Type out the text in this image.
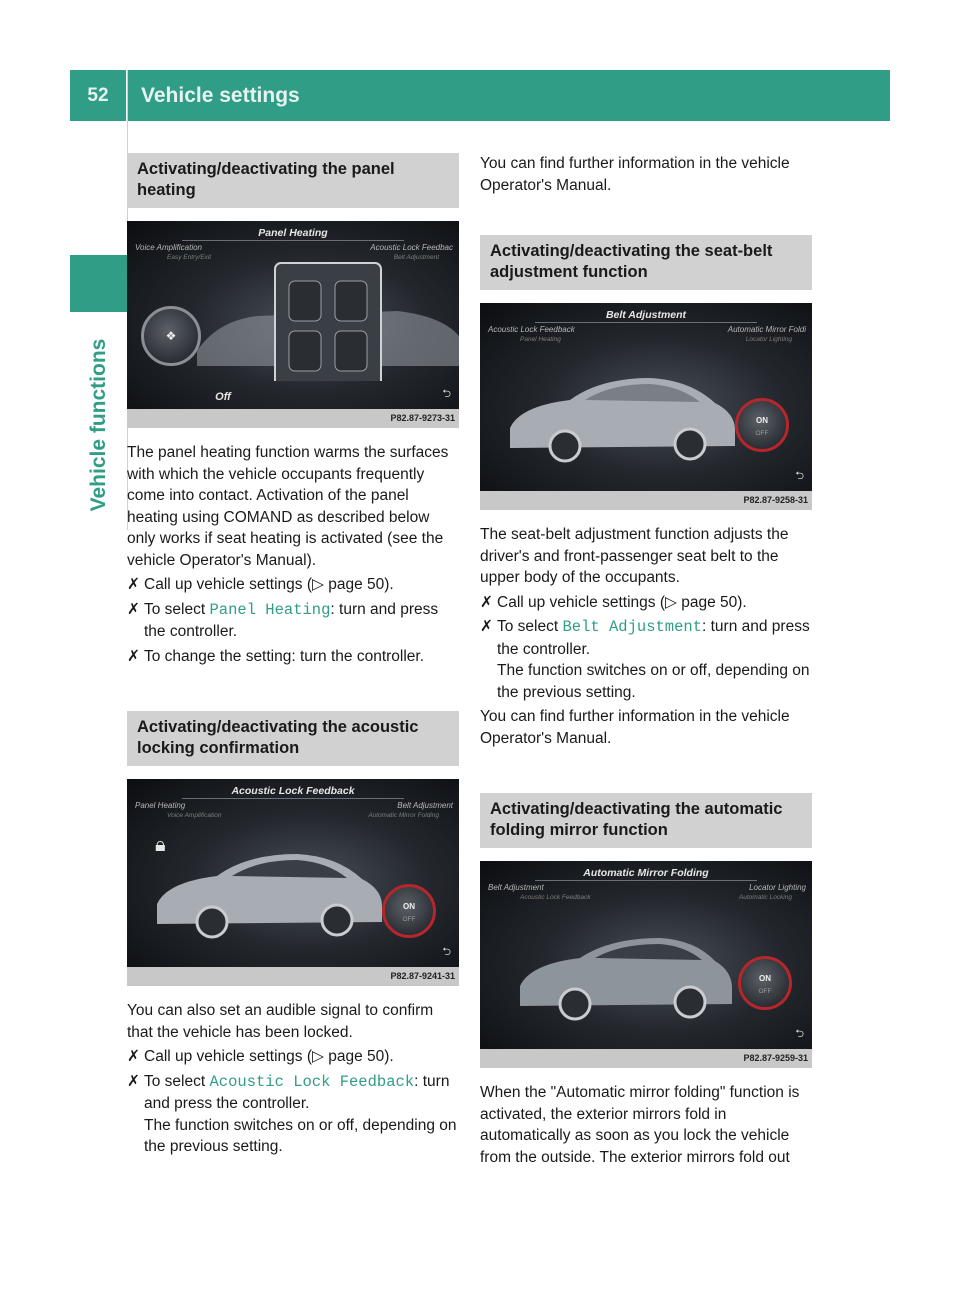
52	Vehicle settings
Vehicle functions
Activating/deactivating the panel heating
Panel Heating
Voice Amplification
Easy Entry/Exit
Acoustic Lock Feedbac
Belt Adjustment
❖
Off	⮌
P82.87-9273-31

The panel heating function warms the surfaces with which the vehicle occupants frequently come into contact. Activation of the panel heating using COMAND as described below only works if seat heating is activated (see the vehicle Operator's Manual).

✗ Call up vehicle settings (▷ page 50).
✗ To select Panel Heating: turn and press the controller.
✗ To change the setting: turn the controller.
Activating/deactivating the acoustic locking confirmation
Acoustic Lock Feedback
Panel Heating
Voice Amplification
Belt Adjustment
Automatic Mirror Folding
🔒︎
ON
OFF
⮌
P82.87-9241-31

You can also set an audible signal to confirm that the vehicle has been locked.

✗ Call up vehicle settings (▷ page 50).
✗ To select Acoustic Lock Feedback: turn and press the controller.
The function switches on or off, depending on the previous setting.

You can find further information in the vehicle Operator's Manual.

Activating/deactivating the seat-belt adjustment function
Belt Adjustment
Acoustic Lock Feedback
Panel Heating
Automatic Mirror Foldi
Locator Lighting
ON
OFF
⮌
P82.87-9258-31

The seat-belt adjustment function adjusts the driver's and front-passenger seat belt to the upper body of the occupants.

✗ Call up vehicle settings (▷ page 50).
✗ To select Belt Adjustment: turn and press the controller.
The function switches on or off, depending on the previous setting.

You can find further information in the vehicle Operator's Manual.

Activating/deactivating the automatic folding mirror function
Automatic Mirror Folding
Belt Adjustment
Acoustic Lock Feedback
Locator Lighting
Automatic Locking
ON
OFF
⮌
P82.87-9259-31

When the "Automatic mirror folding" function is activated, the exterior mirrors fold in automatically as soon as you lock the vehicle from the outside. The exterior mirrors fold out
